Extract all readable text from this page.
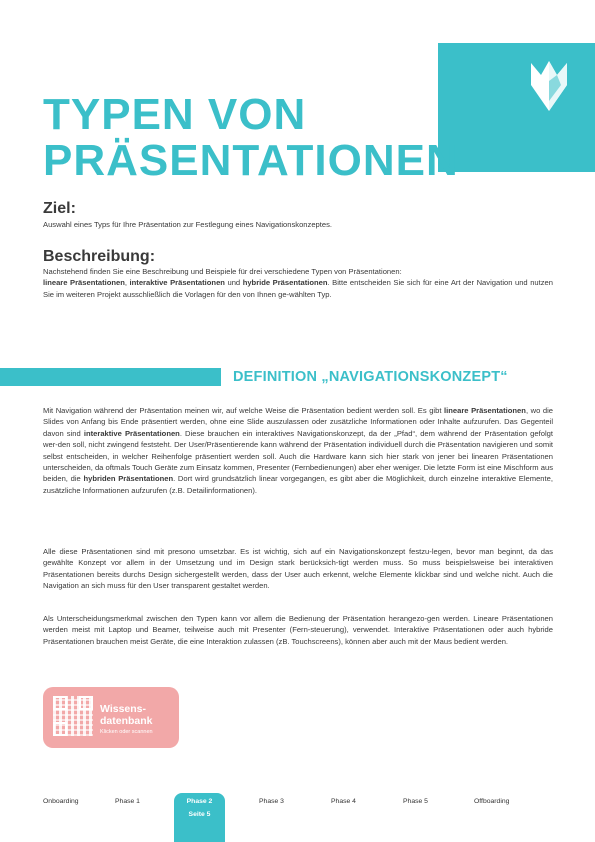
TYPEN VON
PRÄSENTATIONEN
Ziel:

Auswahl eines Typs für Ihre Präsentation zur Festlegung eines Navigationskonzeptes.

Beschreibung:

Nachstehend finden Sie eine Beschreibung und Beispiele für drei verschiedene Typen von Präsentationen:
lineare Präsentationen, interaktive Präsentationen und hybride Präsentationen. Bitte entscheiden Sie sich für eine Art der Navigation und nutzen Sie im weiteren Projekt ausschließlich die Vorlagen für den von Ihnen ge-wählten Typ.

DEFINITION „NAVIGATIONSKONZEPT“

Mit Navigation während der Präsentation meinen wir, auf welche Weise die Präsentation bedient werden soll. Es gibt lineare Präsentationen, wo die Slides von Anfang bis Ende präsentiert werden, ohne eine Slide auszulassen oder zusätzliche Informationen oder Inhalte aufzurufen. Das Gegenteil davon sind interaktive Präsentationen. Diese brauchen ein interaktives Navigationskonzept, da der „Pfad“, dem während der Präsentation gefolgt wer-den soll, nicht zwingend feststeht. Der User/Präsentierende kann während der Präsentation individuell durch die Präsentation navigieren und somit selbst entscheiden, in welcher Reihenfolge präsentiert werden soll. Auch die Hardware kann sich hier stark von jener bei linearen Präsentationen unterscheiden, da oftmals Touch Geräte zum Einsatz kommen, Presenter (Fernbedienungen) aber eher weniger. Die letzte Form ist eine Mischform aus beiden, die hybriden Präsentationen. Dort wird grundsätzlich linear vorgegangen, es gibt aber die Möglichkeit, durch einzelne interaktive Elemente, zusätzliche Informationen aufzurufen (z.B. Detailinformationen).

Alle diese Präsentationen sind mit presono umsetzbar. Es ist wichtig, sich auf ein Navigationskonzept festzu-legen, bevor man beginnt, da das gewählte Konzept vor allem in der Umsetzung und im Design stark berücksich-tigt werden muss. So muss beispielsweise bei interaktiven Präsentationen bereits durchs Design sichergestellt werden, dass der User auch erkennt, welche Elemente klickbar sind und welche nicht. Auch die Navigation an sich muss für den User transparent gestaltet werden.

Als Unterscheidungsmerkmal zwischen den Typen kann vor allem die Bedienung der Präsentation herangezo-gen werden. Lineare Präsentationen werden meist mit Laptop und Beamer, teilweise auch mit Presenter (Fern-steuerung), verwendet. Interaktive Präsentationen oder auch hybride Präsentationen brauchen meist Geräte, die eine Interaktion zulassen (zB. Touchscreens), können aber auch mit der Maus bedient werden.

Wissens-datenbank

Klicken oder scannen

Onboarding	Phase 1	Phase 2
Seite 5
Phase 3	Phase 4	Phase 5	Offboarding
